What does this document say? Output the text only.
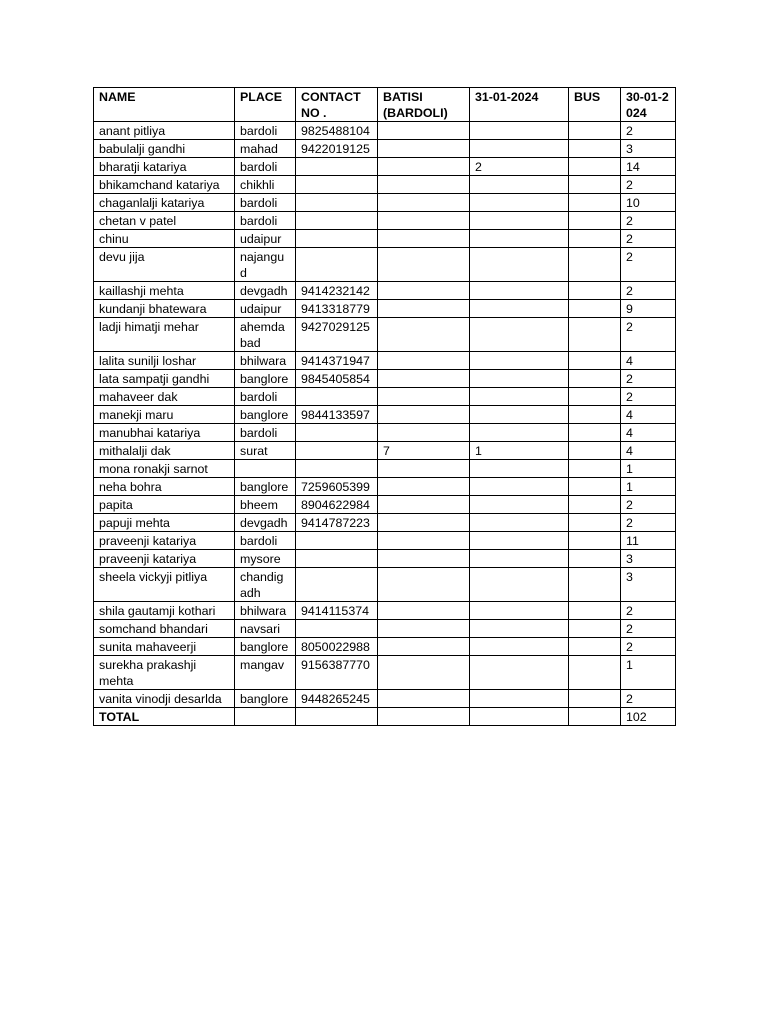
NAME	PLACE	CONTACT NO .	BATISI (BARDOLI)	31-01-2024	BUS	30-01-2024
anant pitliya	bardoli	9825488104				2
babulalji gandhi	mahad	9422019125				3
bharatji katariya	bardoli			2		14
bhikamchand katariya	chikhli					2
chaganlalji katariya	bardoli					10
chetan v patel	bardoli					2
chinu	udaipur					2
devu jija	najangud					2
kaillashji mehta	devgadh	9414232142				2
kundanji bhatewara	udaipur	9413318779				9
ladji himatji mehar	ahemdabad	9427029125				2
lalita sunilji loshar	bhilwara	9414371947				4
lata sampatji gandhi	banglore	9845405854				2
mahaveer dak	bardoli					2
manekji maru	banglore	9844133597				4
manubhai katariya	bardoli					4
mithalalji dak	surat		7	1		4
mona ronakji sarnot						1
neha bohra	banglore	7259605399				1
papita	bheem	8904622984				2
papuji mehta	devgadh	9414787223				2
praveenji katariya	bardoli					11
praveenji katariya	mysore					3
sheela vickyji pitliya	chandigadh					3
shila gautamji kothari	bhilwara	9414115374				2
somchand bhandari	navsari					2
sunita mahaveerji	banglore	8050022988				2
surekha prakashji mehta	mangav	9156387770				1
vanita vinodji desarlda	banglore	9448265245				2
TOTAL						102
